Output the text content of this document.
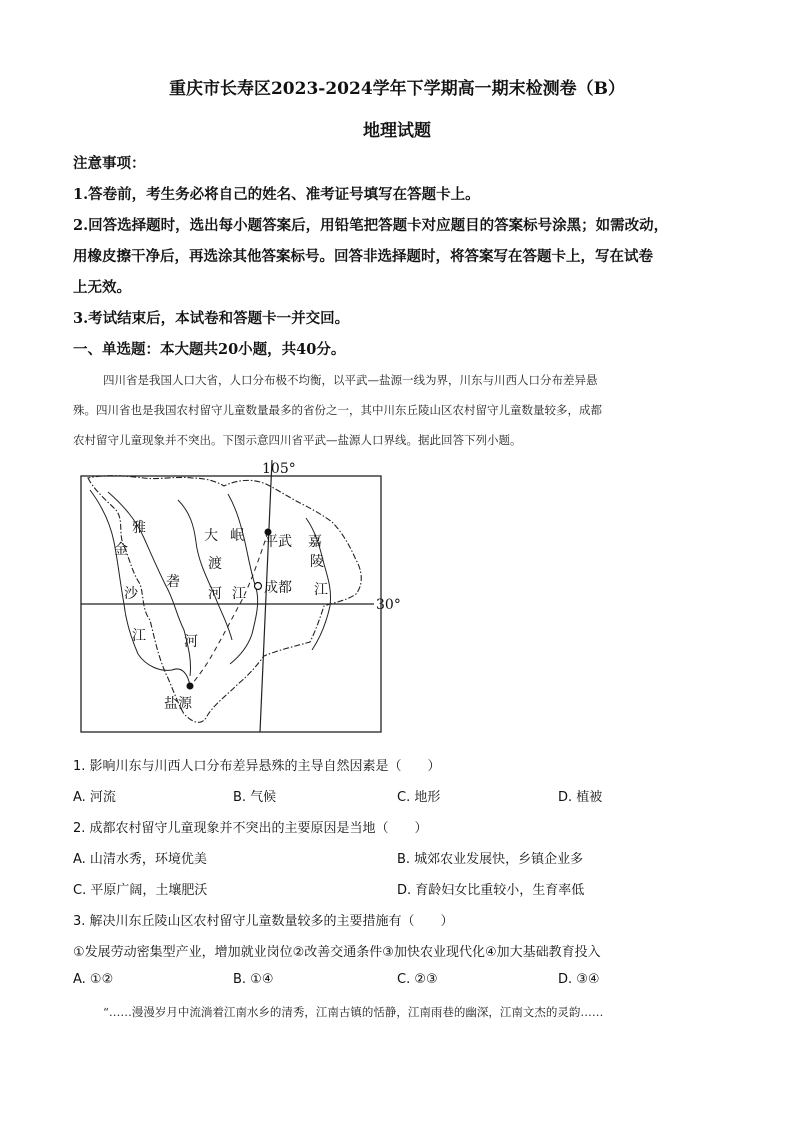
重庆市长寿区2023-2024学年下学期高一期末检测卷（B）
地理试题
注意事项：
1.答卷前，考生务必将自己的姓名、准考证号填写在答题卡上。
2.回答选择题时，选出每小题答案后，用铅笔把答题卡对应题目的答案标号涂黑；如需改动，
用橡皮擦干净后，再选涂其他答案标号。回答非选择题时，将答案写在答题卡上，写在试卷
上无效。
3.考试结束后，本试卷和答题卡一并交回。
一、单选题：本大题共20小题，共40分。
四川省是我国人口大省，人口分布极不均衡，以平武—盐源一线为界，川东与川西人口分布差异悬
殊。四川省也是我国农村留守儿童数量最多的省份之一，其中川东丘陵山区农村留守儿童数量较多，成都
农村留守儿童现象并不突出。下图示意四川省平武—盐源人口界线。据此回答下列小题。
105°
30°
雅
砻
河
金
沙
江
大
渡
河
岷
江
平武
成都
盐源
嘉
陵
江
1. 影响川东与川西人口分布差异悬殊的主导自然因素是（　　）
A. 河流	B. 气候	C. 地形	D. 植被
2. 成都农村留守儿童现象并不突出的主要原因是当地（　　）
A. 山清水秀，环境优美	B. 城郊农业发展快，乡镇企业多
C. 平原广阔，土壤肥沃	D. 育龄妇女比重较小，生育率低
3. 解决川东丘陵山区农村留守儿童数量较多的主要措施有（　　）
①发展劳动密集型产业，增加就业岗位②改善交通条件③加快农业现代化④加大基础教育投入
A. ①②	B. ①④	C. ②③	D. ③④
“……漫漫岁月中流淌着江南水乡的清秀，江南古镇的恬静，江南雨巷的幽深，江南文杰的灵韵……
